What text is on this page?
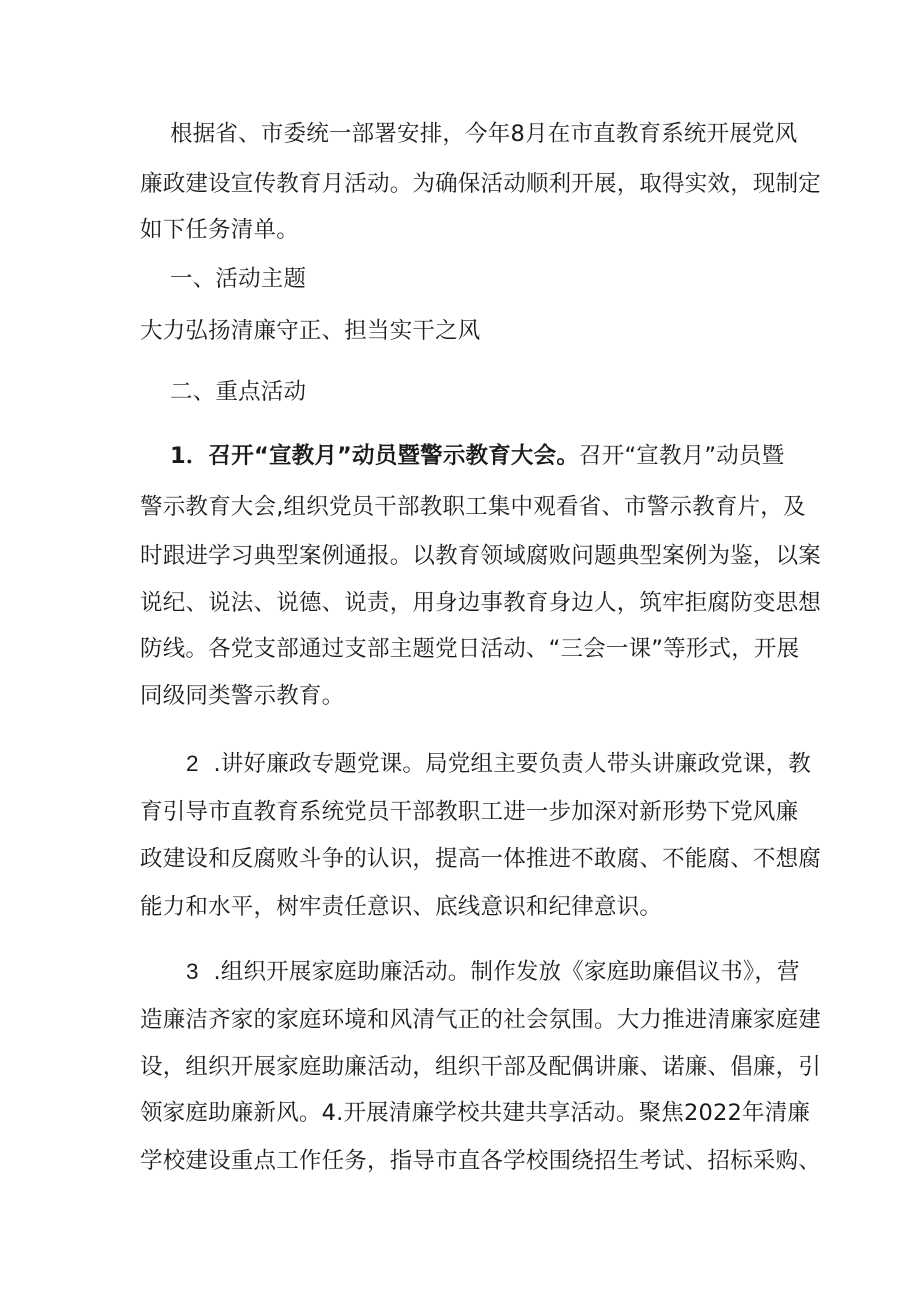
根据省、市委统一部署安排，今年8月在市直教育系统开展党风

廉政建设宣传教育月活动。为确保活动顺利开展，取得实效，现制定

如下任务清单。

一、活动主题

大力弘扬清廉守正、担当实干之风

二、重点活动

1．召开“宣教月”动员暨警示教育大会。召开“宣教月”动员暨

警示教育大会,组织党员干部教职工集中观看省、市警示教育片，及

时跟进学习典型案例通报。以教育领域腐败问题典型案例为鉴，以案

说纪、说法、说德、说责，用身边事教育身边人，筑牢拒腐防变思想

防线。各党支部通过支部主题党日活动、“三会一课”等形式，开展

同级同类警示教育。

2 .讲好廉政专题党课。局党组主要负责人带头讲廉政党课，教

育引导市直教育系统党员干部教职工进一步加深对新形势下党风廉

政建设和反腐败斗争的认识，提高一体推进不敢腐、不能腐、不想腐

能力和水平，树牢责任意识、底线意识和纪律意识。

3 .组织开展家庭助廉活动。制作发放《家庭助廉倡议书》，营

造廉洁齐家的家庭环境和风清气正的社会氛围。大力推进清廉家庭建

设，组织开展家庭助廉活动，组织干部及配偶讲廉、诺廉、倡廉，引

领家庭助廉新风。4.开展清廉学校共建共享活动。聚焦2022年清廉

学校建设重点工作任务，指导市直各学校围绕招生考试、招标采购、
